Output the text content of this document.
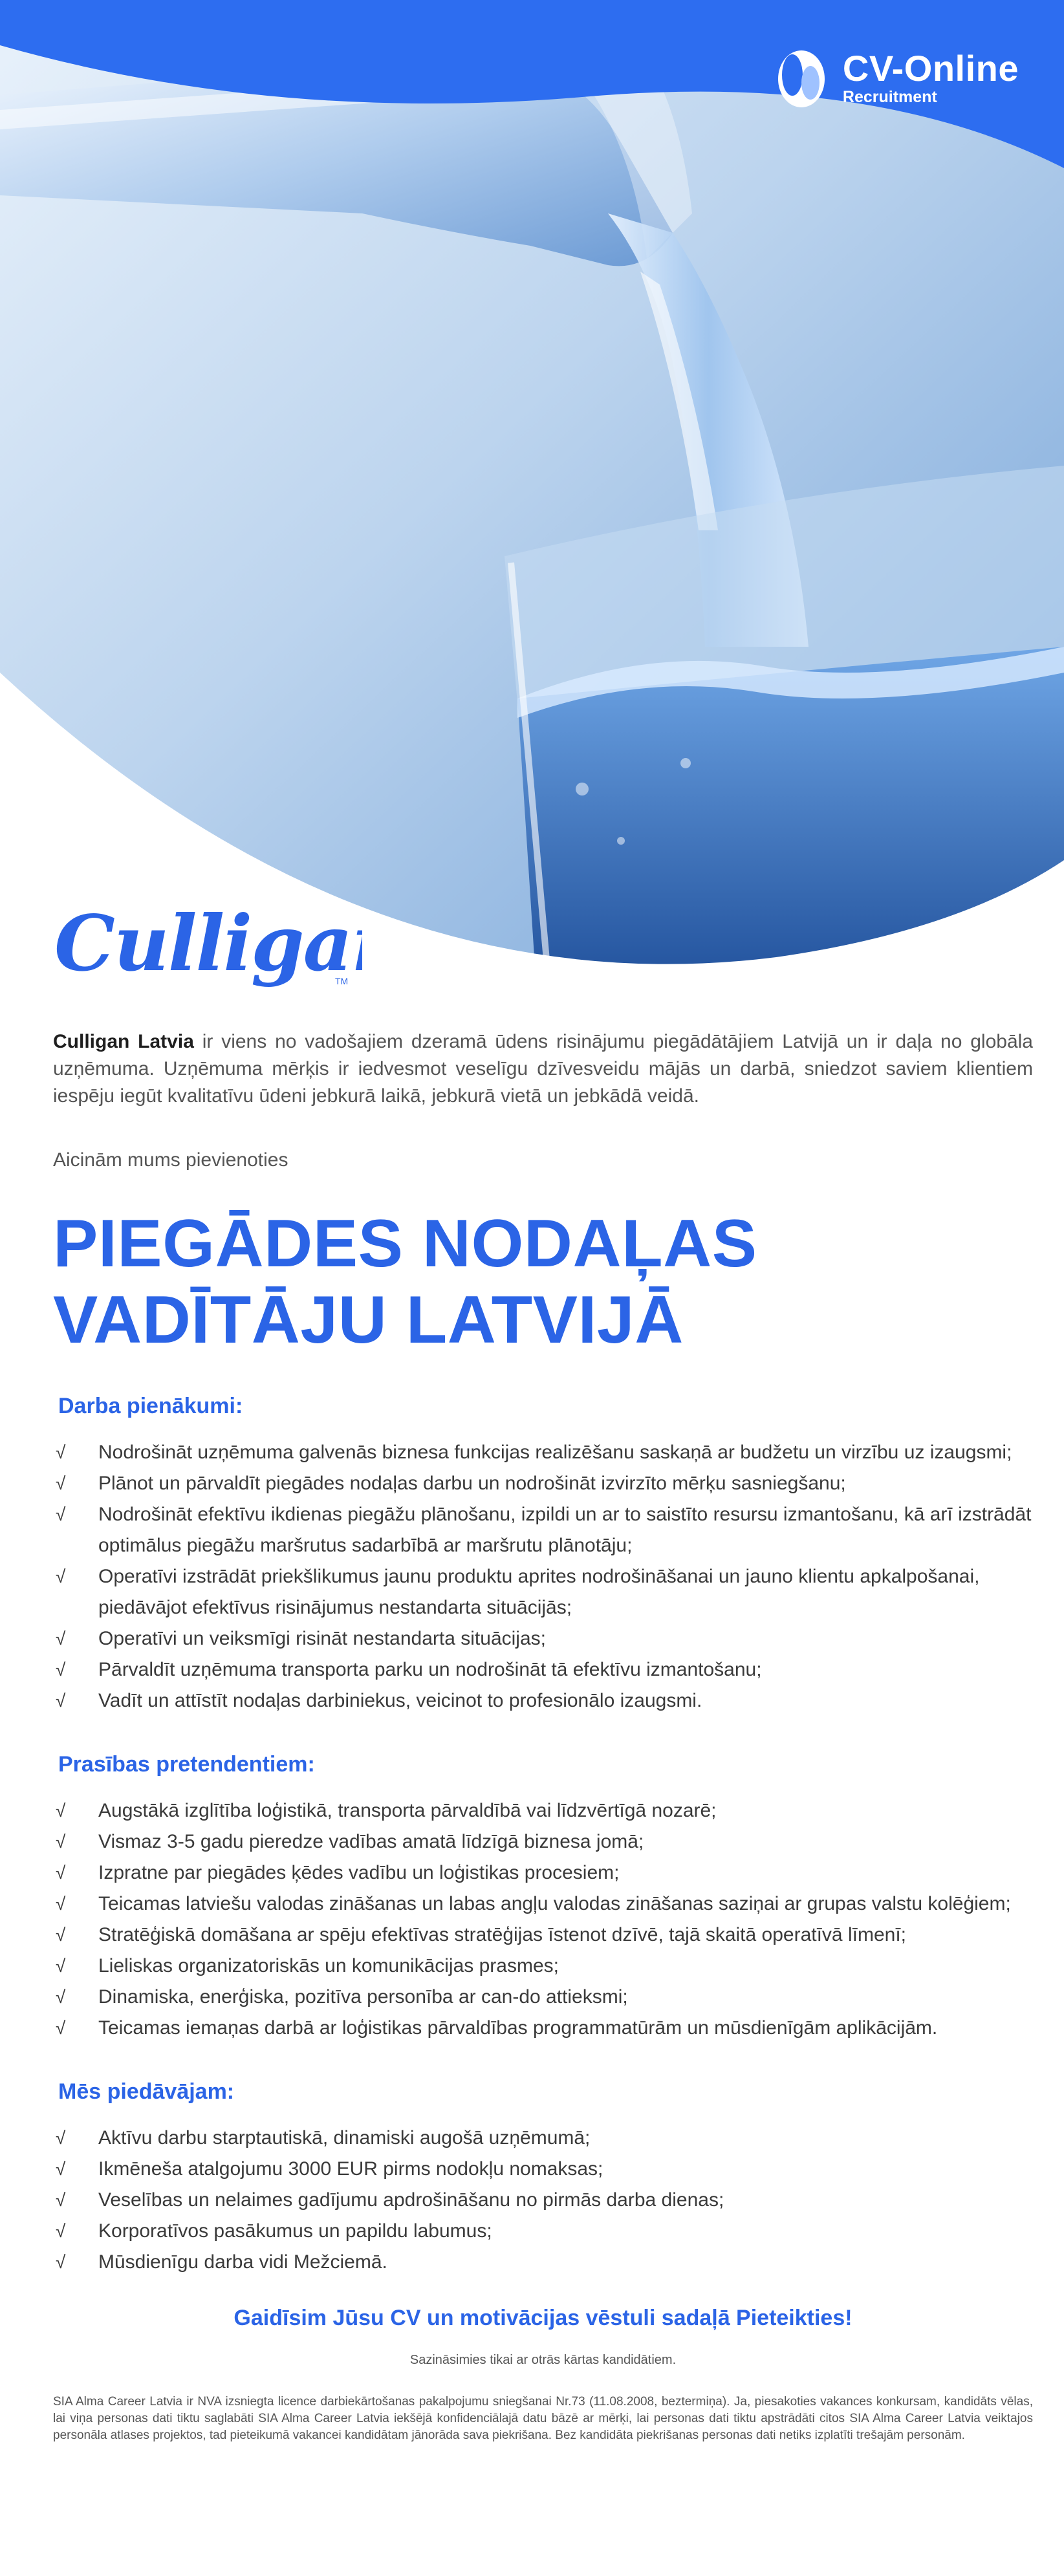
CV-Online
Recruitment
Culliga
TM

Culligan Latvia ir viens no vadošajiem dzeramā ūdens risinājumu piegādātājiem Latvijā un ir daļa no globāla uzņēmuma. Uzņēmuma mērķis ir iedvesmot veselīgu dzīvesveidu mājās un darbā, sniedzot saviem klientiem iespēju iegūt kvalitatīvu ūdeni jebkurā laikā, jebkurā vietā un jebkādā veidā.

Aicinām mums pievienoties

PIEGĀDES NODAĻAS
VADĪTĀJU LATVIJĀ
Darba pienākumi:
√ Nodrošināt uzņēmuma galvenās biznesa funkcijas realizēšanu saskaņā ar budžetu un virzību uz izaugsmi;
√ Plānot un pārvaldīt piegādes nodaļas darbu un nodrošināt izvirzīto mērķu sasniegšanu;
√ Nodrošināt efektīvu ikdienas piegāžu plānošanu, izpildi un ar to saistīto resursu izmantošanu, kā arī izstrādāt optimālus piegāžu maršrutus sadarbībā ar maršrutu plānotāju;
√ Operatīvi izstrādāt priekšlikumus jaunu produktu aprites nodrošināšanai un jauno klientu apkalpošanai, piedāvājot efektīvus risinājumus nestandarta situācijās;
√ Operatīvi un veiksmīgi risināt nestandarta situācijas;
√ Pārvaldīt uzņēmuma transporta parku un nodrošināt tā efektīvu izmantošanu;
√ Vadīt un attīstīt nodaļas darbiniekus, veicinot to profesionālo izaugsmi.
Prasības pretendentiem:
√ Augstākā izglītība loģistikā, transporta pārvaldībā vai līdzvērtīgā nozarē;
√ Vismaz 3-5 gadu pieredze vadības amatā līdzīgā biznesa jomā;
√ Izpratne par piegādes ķēdes vadību un loģistikas procesiem;
√ Teicamas latviešu valodas zināšanas un labas angļu valodas zināšanas saziņai ar grupas valstu kolēģiem;
√ Stratēģiskā domāšana ar spēju efektīvas stratēģijas īstenot dzīvē, tajā skaitā operatīvā līmenī;
√ Lieliskas organizatoriskās un komunikācijas prasmes;
√ Dinamiska, enerģiska, pozitīva personība ar can-do attieksmi;
√ Teicamas iemaņas darbā ar loģistikas pārvaldības programmatūrām un mūsdienīgām aplikācijām.
Mēs piedāvājam:
√ Aktīvu darbu starptautiskā, dinamiski augošā uzņēmumā;
√ Ikmēneša atalgojumu 3000 EUR pirms nodokļu nomaksas;
√ Veselības un nelaimes gadījumu apdrošināšanu no pirmās darba dienas;
√ Korporatīvos pasākumus un papildu labumus;
√ Mūsdienīgu darba vidi Mežciemā.
Gaidīsim Jūsu CV un motivācijas vēstuli sadaļā Pieteikties!
Sazināsimies tikai ar otrās kārtas kandidātiem.

SIA Alma Career Latvia ir NVA izsniegta licence darbiekārtošanas pakalpojumu sniegšanai Nr.73 (11.08.2008, beztermiņa). Ja, piesakoties vakances konkursam, kandidāts vēlas, lai viņa personas dati tiktu saglabāti SIA Alma Career Latvia iekšējā konfidenciālajā datu bāzē ar mērķi, lai personas dati tiktu apstrādāti citos SIA Alma Career Latvia veiktajos personāla atlases projektos, tad pieteikumā vakancei kandidātam jānorāda sava piekrišana. Bez kandidāta piekrišanas personas dati netiks izplatīti trešajām personām.
